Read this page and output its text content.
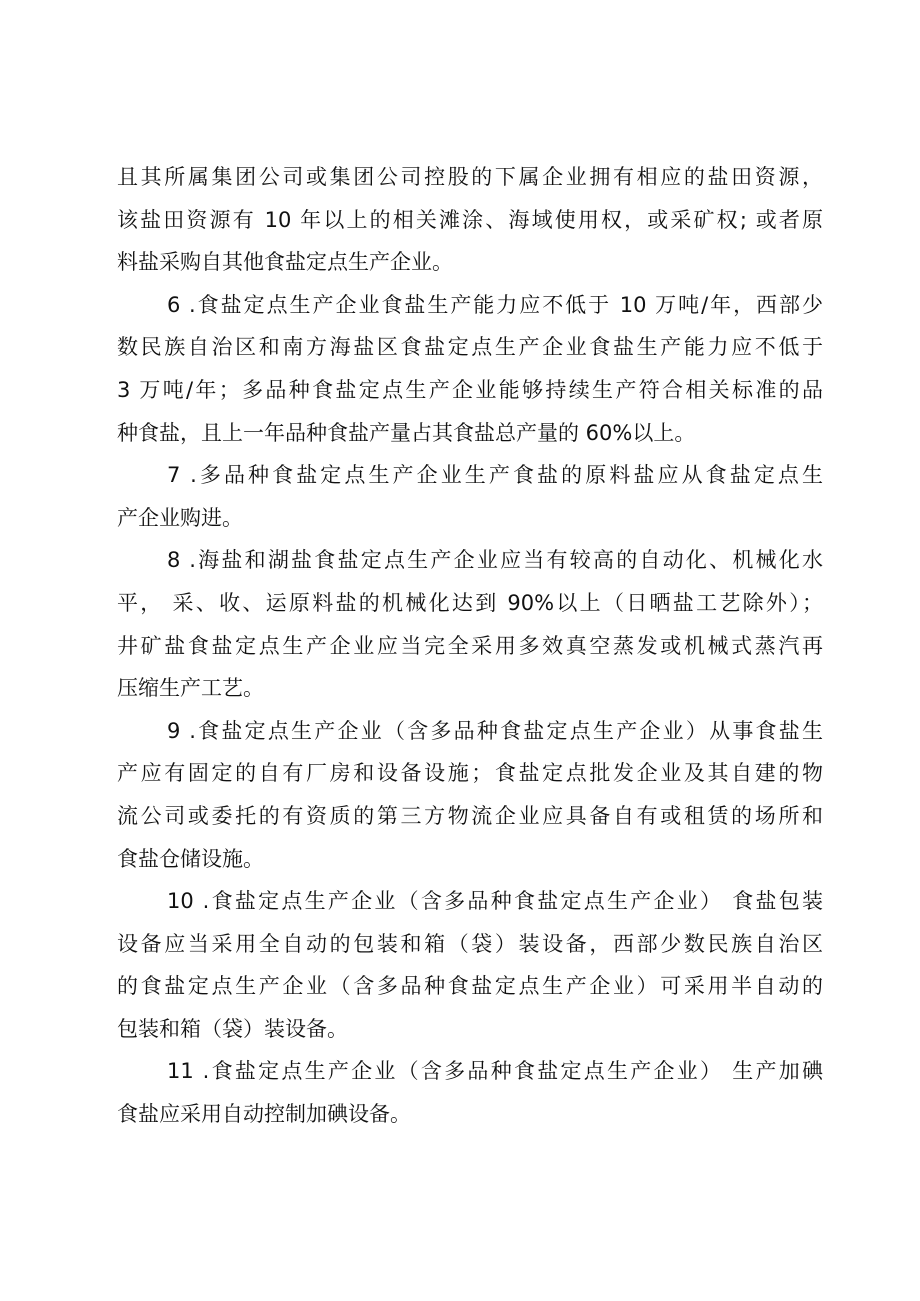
且其所属集团公司或集团公司控股的下属企业拥有相应的盐田资源，
该盐田资源有 10 年以上的相关滩涂、海域使用权，或采矿权; 或者原
料盐采购自其他食盐定点生产企业。
6 .食盐定点生产企业食盐生产能力应不低于 10 万吨/年，西部少
数民族自治区和南方海盐区食盐定点生产企业食盐生产能力应不低于
3 万吨/年；多品种食盐定点生产企业能够持续生产符合相关标准的品
种食盐，且上一年品种食盐产量占其食盐总产量的 60%以上。
7 .多品种食盐定点生产企业生产食盐的原料盐应从食盐定点生
产企业购进。
8 .海盐和湖盐食盐定点生产企业应当有较高的自动化、机械化水
平， 采、收、运原料盐的机械化达到 90%以上（日晒盐工艺除外）；
井矿盐食盐定点生产企业应当完全采用多效真空蒸发或机械式蒸汽再
压缩生产工艺。
9 .食盐定点生产企业（含多品种食盐定点生产企业）从事食盐生
产应有固定的自有厂房和设备设施；食盐定点批发企业及其自建的物
流公司或委托的有资质的第三方物流企业应具备自有或租赁的场所和
食盐仓储设施。
10 .食盐定点生产企业（含多品种食盐定点生产企业） 食盐包装
设备应当采用全自动的包装和箱（袋）装设备，西部少数民族自治区
的食盐定点生产企业（含多品种食盐定点生产企业）可采用半自动的
包装和箱（袋）装设备。
11 .食盐定点生产企业（含多品种食盐定点生产企业） 生产加碘
食盐应采用自动控制加碘设备。
